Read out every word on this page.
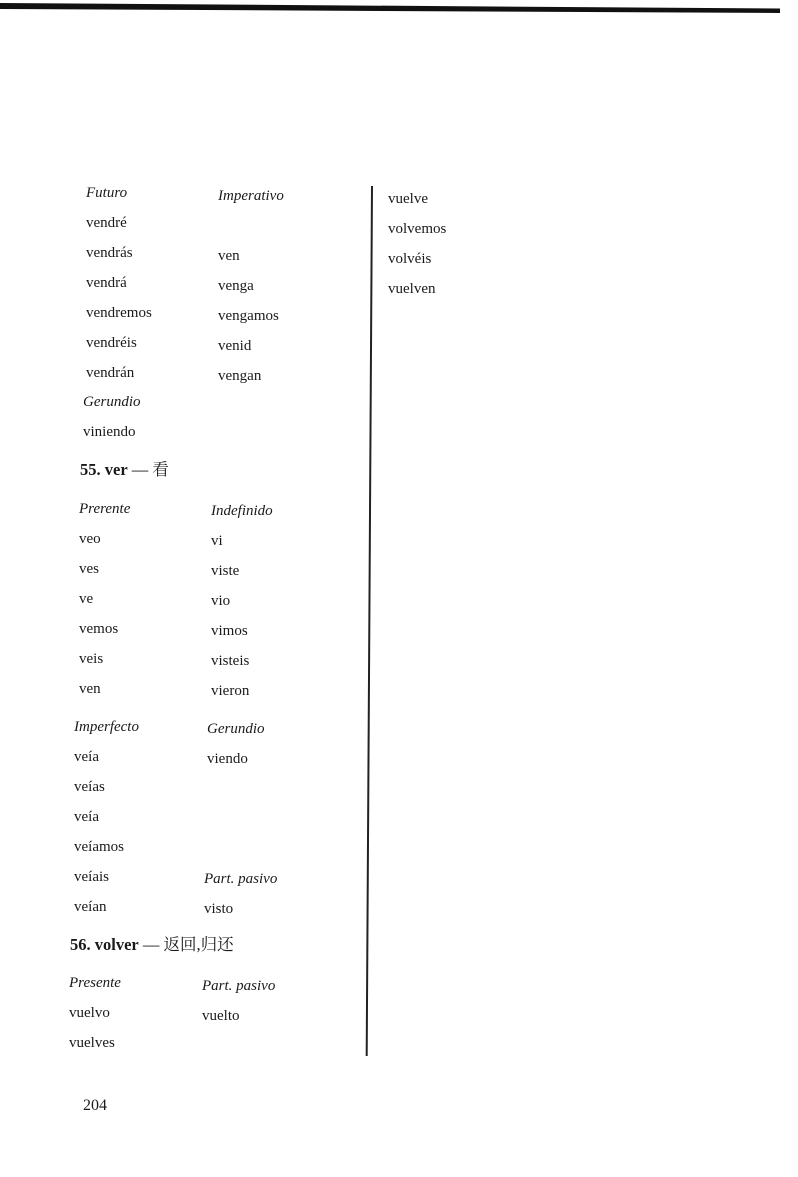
Futuro
vendré
vendrás
vendrá
vendremos
vendréis
vendrán
Imperativo
ven
venga
vengamos
venid
vengan
Gerundio
viniendo
55. ver — 看
Prerente
veo
ves
ve
vemos
veis
ven
Indefinido
vi
viste
vio
vimos
visteis
vieron
Imperfecto
veía
veías
veía
veíamos
veíais
veían
Gerundio
viendo
Part. pasivo
visto
56. volver — 返回,归还
Presente
vuelvo
vuelves
Part. pasivo
vuelto
vuelve
volvemos
volvéis
vuelven
204
